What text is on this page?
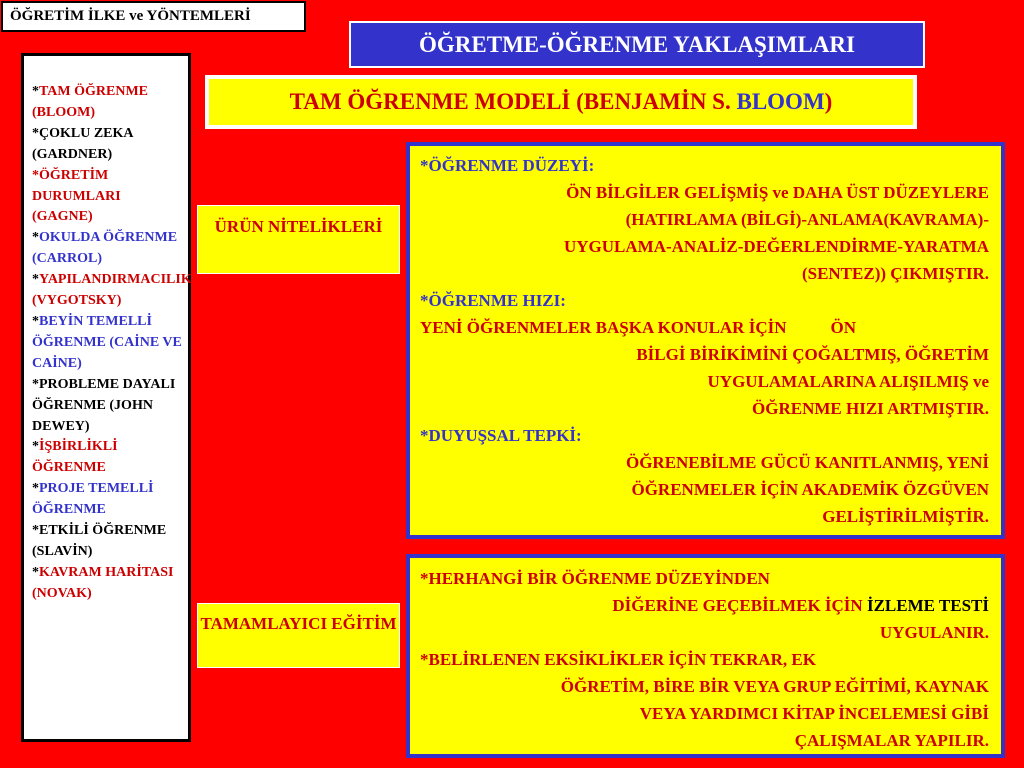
ÖĞRETİM İLKE ve YÖNTEMLERİ
ÖĞRETME-ÖĞRENME YAKLAŞIMLARI
TAM ÖĞRENME MODELİ (BENJAMİN S. BLOOM)
*TAM ÖĞRENME (BLOOM)
*ÇOKLU ZEKA (GARDNER)
*ÖĞRETİM DURUMLARI (GAGNE)
*OKULDA ÖĞRENME (CARROL)
*YAPILANDIRMACILIK (VYGOTSKY)
*BEYİN TEMELLİ ÖĞRENME (CAİNE VE CAİNE)
*PROBLEME DAYALI ÖĞRENME (JOHN DEWEY)
*İŞBİRLİKLİ ÖĞRENME
*PROJE TEMELLİ ÖĞRENME
*ETKİLİ ÖĞRENME (SLAVİN)
*KAVRAM HARİTASI (NOVAK)
ÜRÜN NİTELİKLERİ
TAMAMLAYICI EĞİTİM
*ÖĞRENME DÜZEYİ:
ÖN BİLGİLER GELİŞMİŞ ve DAHA ÜST DÜZEYLERE
(HATIRLAMA (BİLGİ)-ANLAMA(KAVRAMA)-
UYGULAMA-ANALİZ-DEĞERLENDİRME-YARATMA
(SENTEZ)) ÇIKMIŞTIR.
*ÖĞRENME HIZI:
YENİ ÖĞRENMELER BAŞKA KONULAR İÇİN	ÖN
BİLGİ BİRİKİMİNİ ÇOĞALTMIŞ, ÖĞRETİM
UYGULAMALARINA ALIŞILMIŞ ve
ÖĞRENME HIZI ARTMIŞTIR.
*DUYUŞSAL TEPKİ:
ÖĞRENEBİLME GÜCÜ KANITLANMIŞ, YENİ
ÖĞRENMELER İÇİN AKADEMİK ÖZGÜVEN
GELİŞTİRİLMİŞTİR.
*HERHANGİ BİR ÖĞRENME DÜZEYİNDEN
DİĞERİNE GEÇEBİLMEK İÇİN İZLEME TESTİ
UYGULANIR.
*BELİRLENEN EKSİKLİKLER İÇİN TEKRAR, EK
ÖĞRETİM, BİRE BİR VEYA GRUP EĞİTİMİ, KAYNAK
VEYA YARDIMCI KİTAP İNCELEMESİ GİBİ
ÇALIŞMALAR YAPILIR.
